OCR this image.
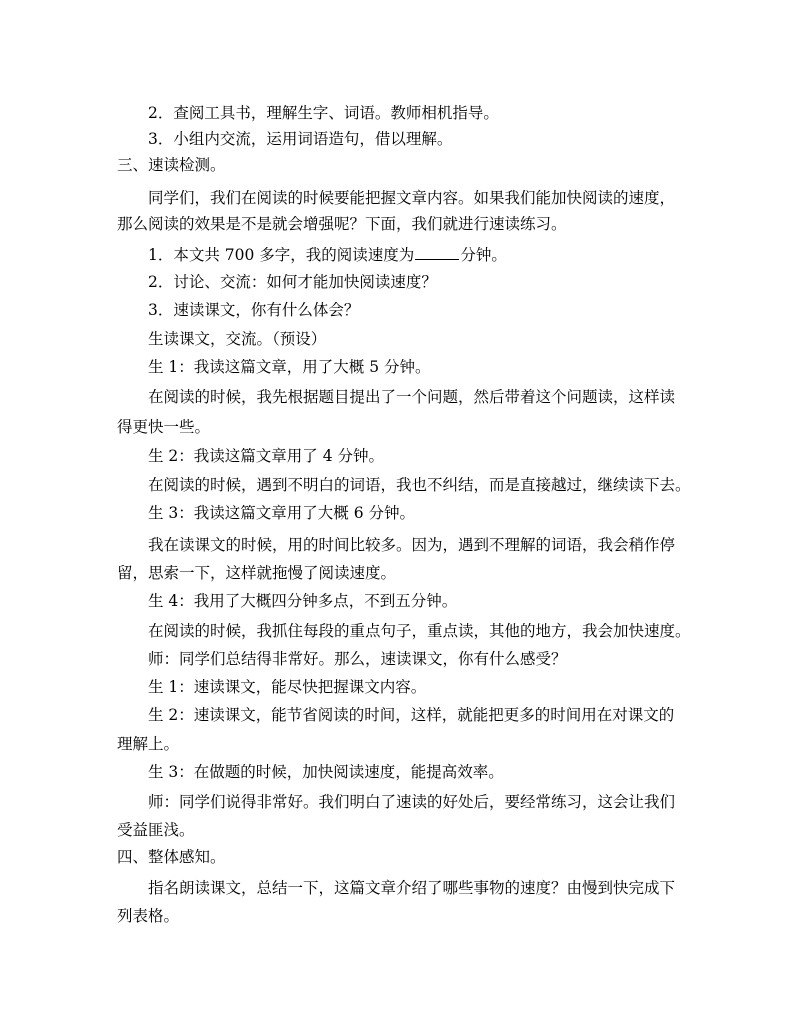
2．查阅工具书，理解生字、词语。教师相机指导。
3．小组内交流，运用词语造句，借以理解。
三、速读检测。
同学们，我们在阅读的时候要能把握文章内容。如果我们能加快阅读的速度，
那么阅读的效果是不是就会增强呢？下面，我们就进行速读练习。
1．本文共 700 多字，我的阅读速度为	分钟。
2．讨论、交流：如何才能加快阅读速度？
3．速读课文，你有什么体会？
生读课文，交流。（预设）
生 1：我读这篇文章，用了大概 5 分钟。
在阅读的时候，我先根据题目提出了一个问题，然后带着这个问题读，这样读
得更快一些。
生 2：我读这篇文章用了 4 分钟。
在阅读的时候，遇到不明白的词语，我也不纠结，而是直接越过，继续读下去。
生 3：我读这篇文章用了大概 6 分钟。
我在读课文的时候，用的时间比较多。因为，遇到不理解的词语，我会稍作停
留，思索一下，这样就拖慢了阅读速度。
生 4：我用了大概四分钟多点，不到五分钟。
在阅读的时候，我抓住每段的重点句子，重点读，其他的地方，我会加快速度。
师：同学们总结得非常好。那么，速读课文，你有什么感受？
生 1：速读课文，能尽快把握课文内容。
生 2：速读课文，能节省阅读的时间，这样，就能把更多的时间用在对课文的
理解上。
生 3：在做题的时候，加快阅读速度，能提高效率。
师：同学们说得非常好。我们明白了速读的好处后，要经常练习，这会让我们
受益匪浅。
四、整体感知。
指名朗读课文，总结一下，这篇文章介绍了哪些事物的速度？由慢到快完成下
列表格。
